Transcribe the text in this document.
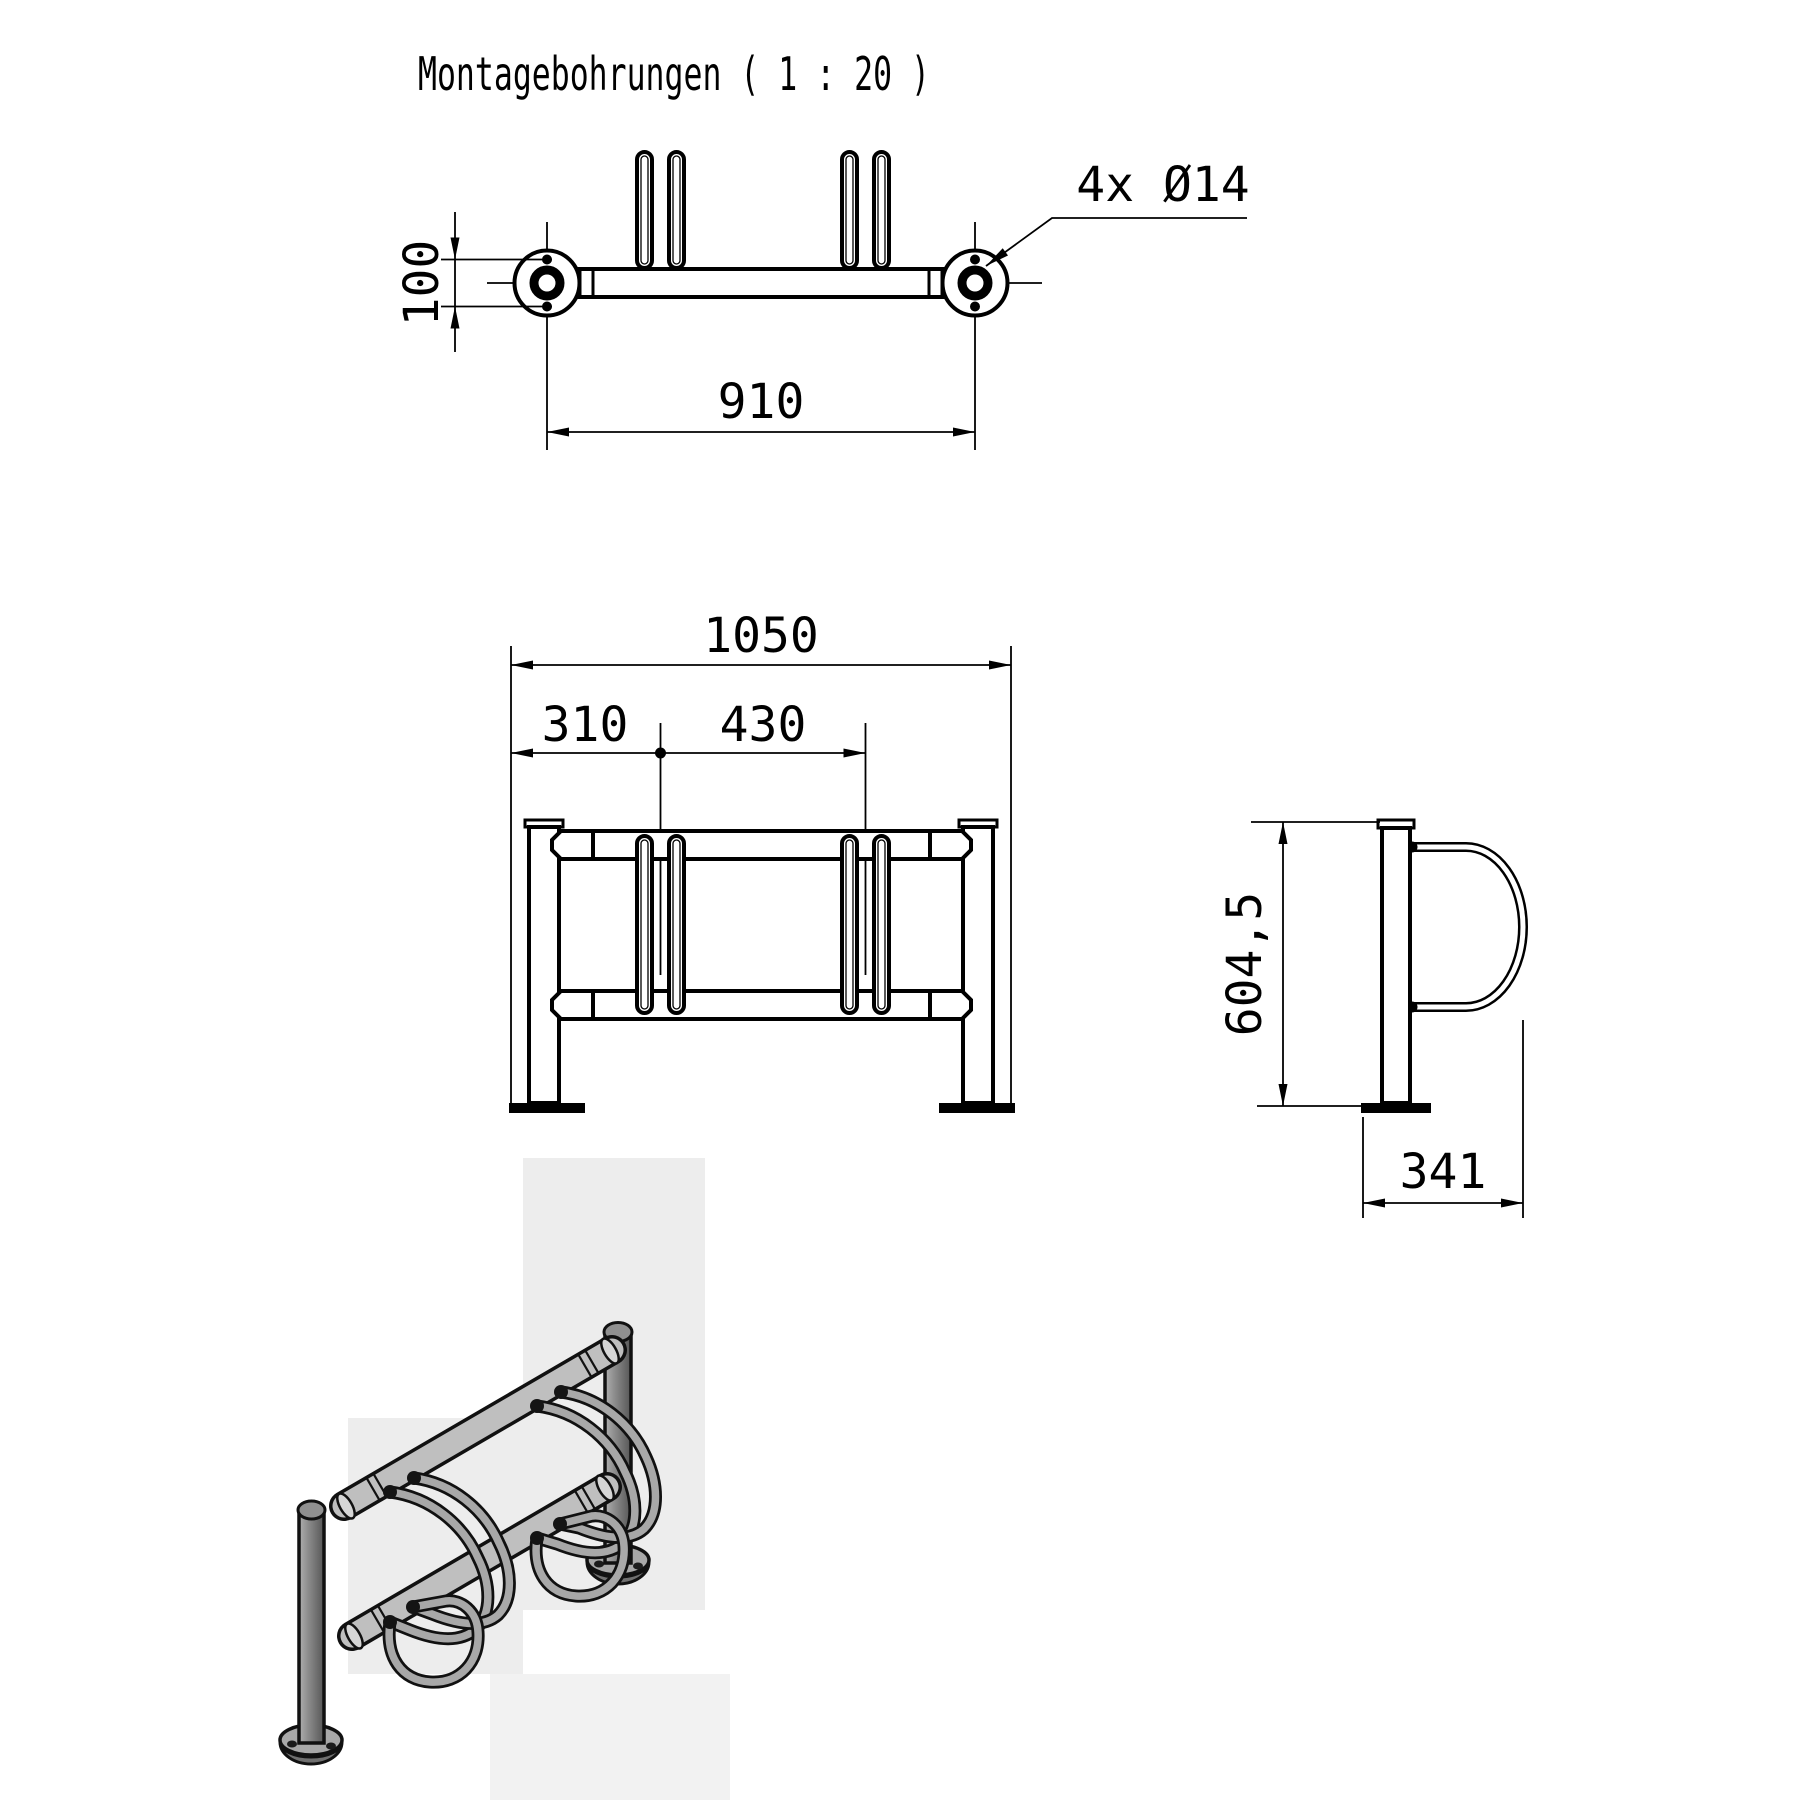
Montagebohrungen ( 1 : 20 )
100
910
4x Ø14
1050
310 430
604,5
341
